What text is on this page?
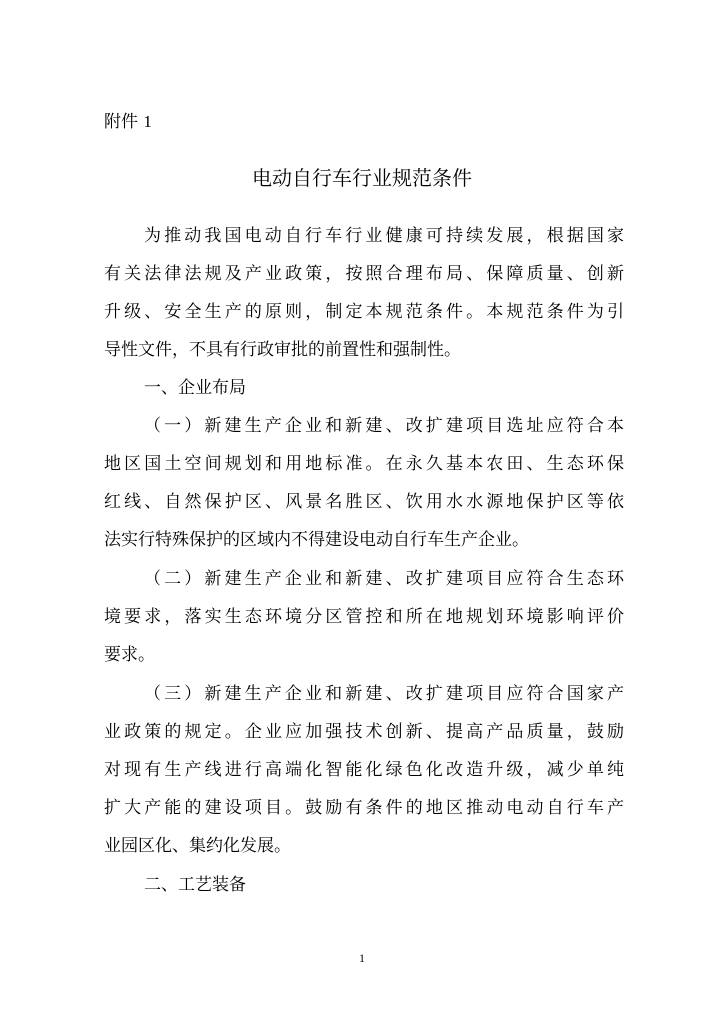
附件 1
电动自行车行业规范条件
为推动我国电动自行车行业健康可持续发展，根据国家
有关法律法规及产业政策，按照合理布局、保障质量、创新
升级、安全生产的原则，制定本规范条件。本规范条件为引
导性文件，不具有行政审批的前置性和强制性。
一、企业布局
（一）新建生产企业和新建、改扩建项目选址应符合本
地区国土空间规划和用地标准。在永久基本农田、生态环保
红线、自然保护区、风景名胜区、饮用水水源地保护区等依
法实行特殊保护的区域内不得建设电动自行车生产企业。
（二）新建生产企业和新建、改扩建项目应符合生态环
境要求，落实生态环境分区管控和所在地规划环境影响评价
要求。
（三）新建生产企业和新建、改扩建项目应符合国家产
业政策的规定。企业应加强技术创新、提高产品质量，鼓励
对现有生产线进行高端化智能化绿色化改造升级，减少单纯
扩大产能的建设项目。鼓励有条件的地区推动电动自行车产
业园区化、集约化发展。
二、工艺装备
1
